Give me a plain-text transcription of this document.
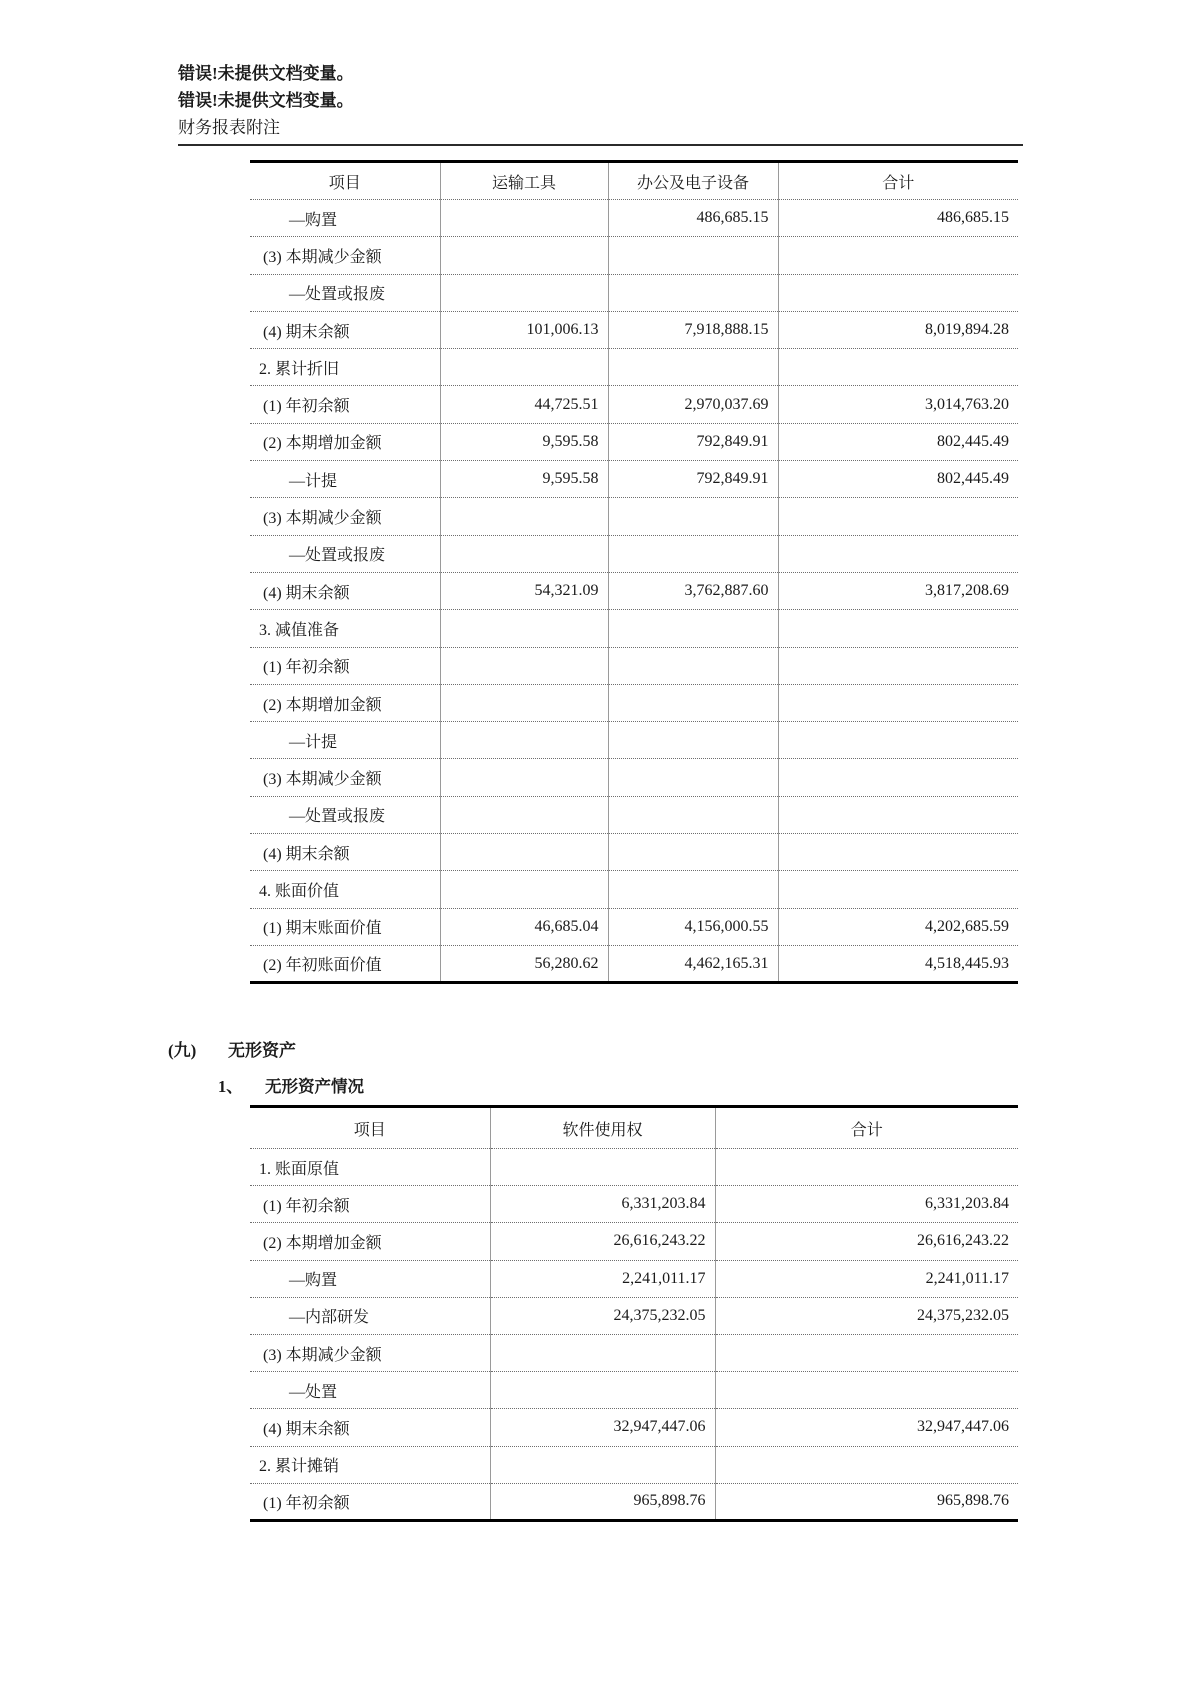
错误!未提供文档变量。
错误!未提供文档变量。
财务报表附注
项目	运输工具	办公及电子设备	合计
—购置		486,685.15	486,685.15
(3) 本期减少金额			
—处置或报废			
(4) 期末余额	101,006.13	7,918,888.15	8,019,894.28
2. 累计折旧			
(1) 年初余额	44,725.51	2,970,037.69	3,014,763.20
(2) 本期增加金额	9,595.58	792,849.91	802,445.49
—计提	9,595.58	792,849.91	802,445.49
(3) 本期减少金额			
—处置或报废			
(4) 期末余额	54,321.09	3,762,887.60	3,817,208.69
3. 减值准备			
(1) 年初余额			
(2) 本期增加金额			
—计提			
(3) 本期减少金额			
—处置或报废			
(4) 期末余额			
4. 账面价值			
(1) 期末账面价值	46,685.04	4,156,000.55	4,202,685.59
(2) 年初账面价值	56,280.62	4,462,165.31	4,518,445.93
(九) 无形资产
1、 无形资产情况
项目	软件使用权	合计
1. 账面原值		
(1) 年初余额	6,331,203.84	6,331,203.84
(2) 本期增加金额	26,616,243.22	26,616,243.22
—购置	2,241,011.17	2,241,011.17
—内部研发	24,375,232.05	24,375,232.05
(3) 本期减少金额		
—处置		
(4) 期末余额	32,947,447.06	32,947,447.06
2. 累计摊销		
(1) 年初余额	965,898.76	965,898.76
